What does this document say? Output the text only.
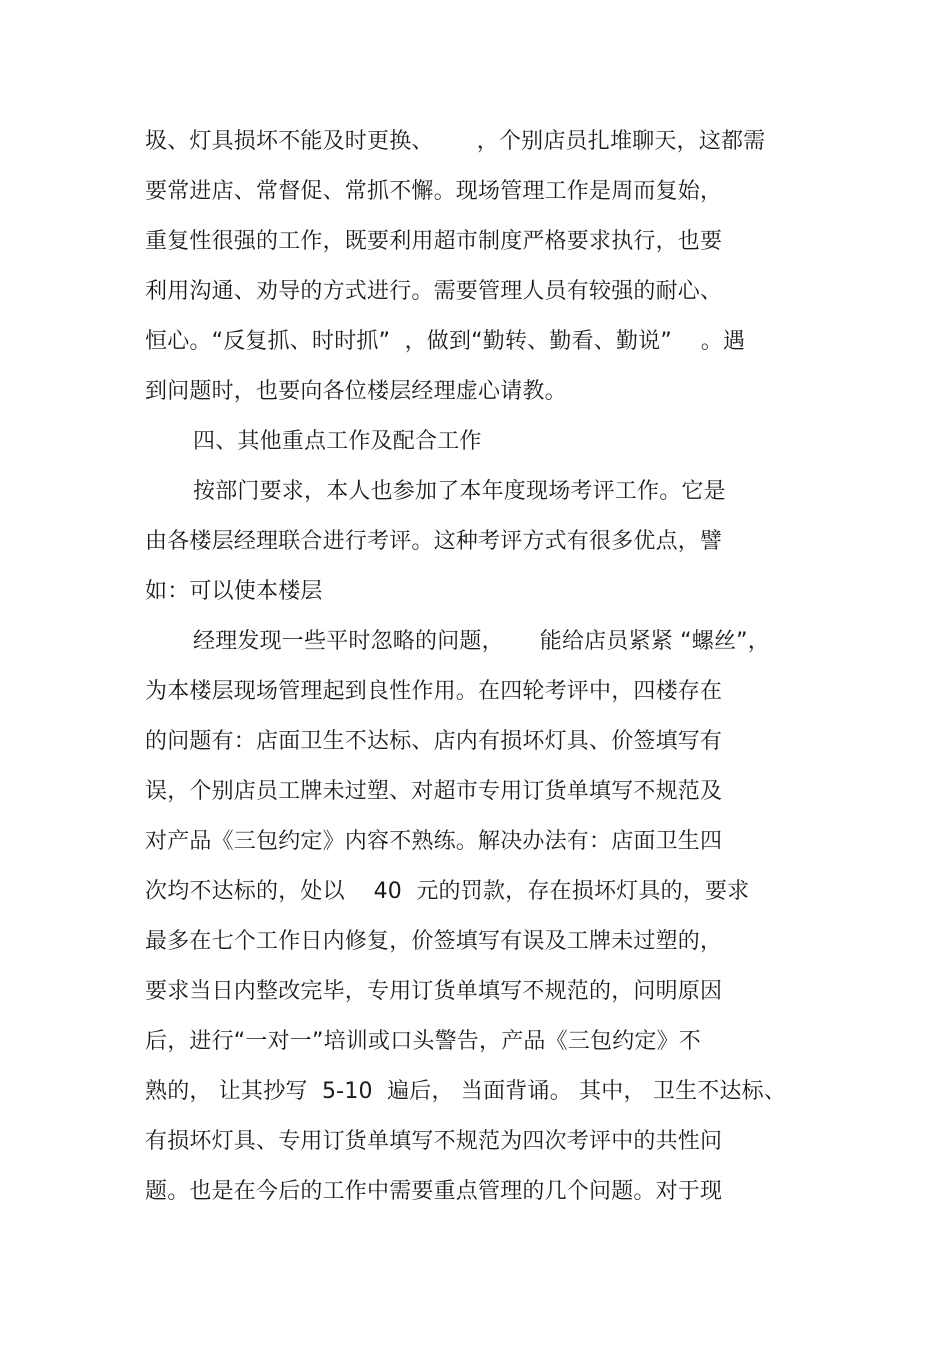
圾、灯具损坏不能及时更换、      ，个别店员扎堆聊天，这都需
要常进店、常督促、常抓不懈。现场管理工作是周而复始，
重复性很强的工作，既要利用超市制度严格要求执行，也要
利用沟通、劝导的方式进行。需要管理人员有较强的耐心、
恒心。“反复抓、时时抓”  ，做到“勤转、勤看、勤说”    。遇
到问题时，也要向各位楼层经理虚心请教。
四、其他重点工作及配合工作
按部门要求，本人也参加了本年度现场考评工作。它是
由各楼层经理联合进行考评。这种考评方式有很多优点，譬
如：可以使本楼层
经理发现一些平时忽略的问题，     能给店员紧紧 “螺丝”，
为本楼层现场管理起到良性作用。在四轮考评中，四楼存在
的问题有：店面卫生不达标、店内有损坏灯具、价签填写有
误，个别店员工牌未过塑、对超市专用订货单填写不规范及
对产品《三包约定》内容不熟练。解决办法有：店面卫生四
次均不达标的，处以    40  元的罚款，存在损坏灯具的，要求
最多在七个工作日内修复，价签填写有误及工牌未过塑的，
要求当日内整改完毕，专用订货单填写不规范的，问明原因
后，进行“一对一”培训或口头警告，产品《三包约定》不
熟的， 让其抄写  5-10  遍后， 当面背诵。 其中， 卫生不达标、
有损坏灯具、专用订货单填写不规范为四次考评中的共性问
题。也是在今后的工作中需要重点管理的几个问题。对于现
